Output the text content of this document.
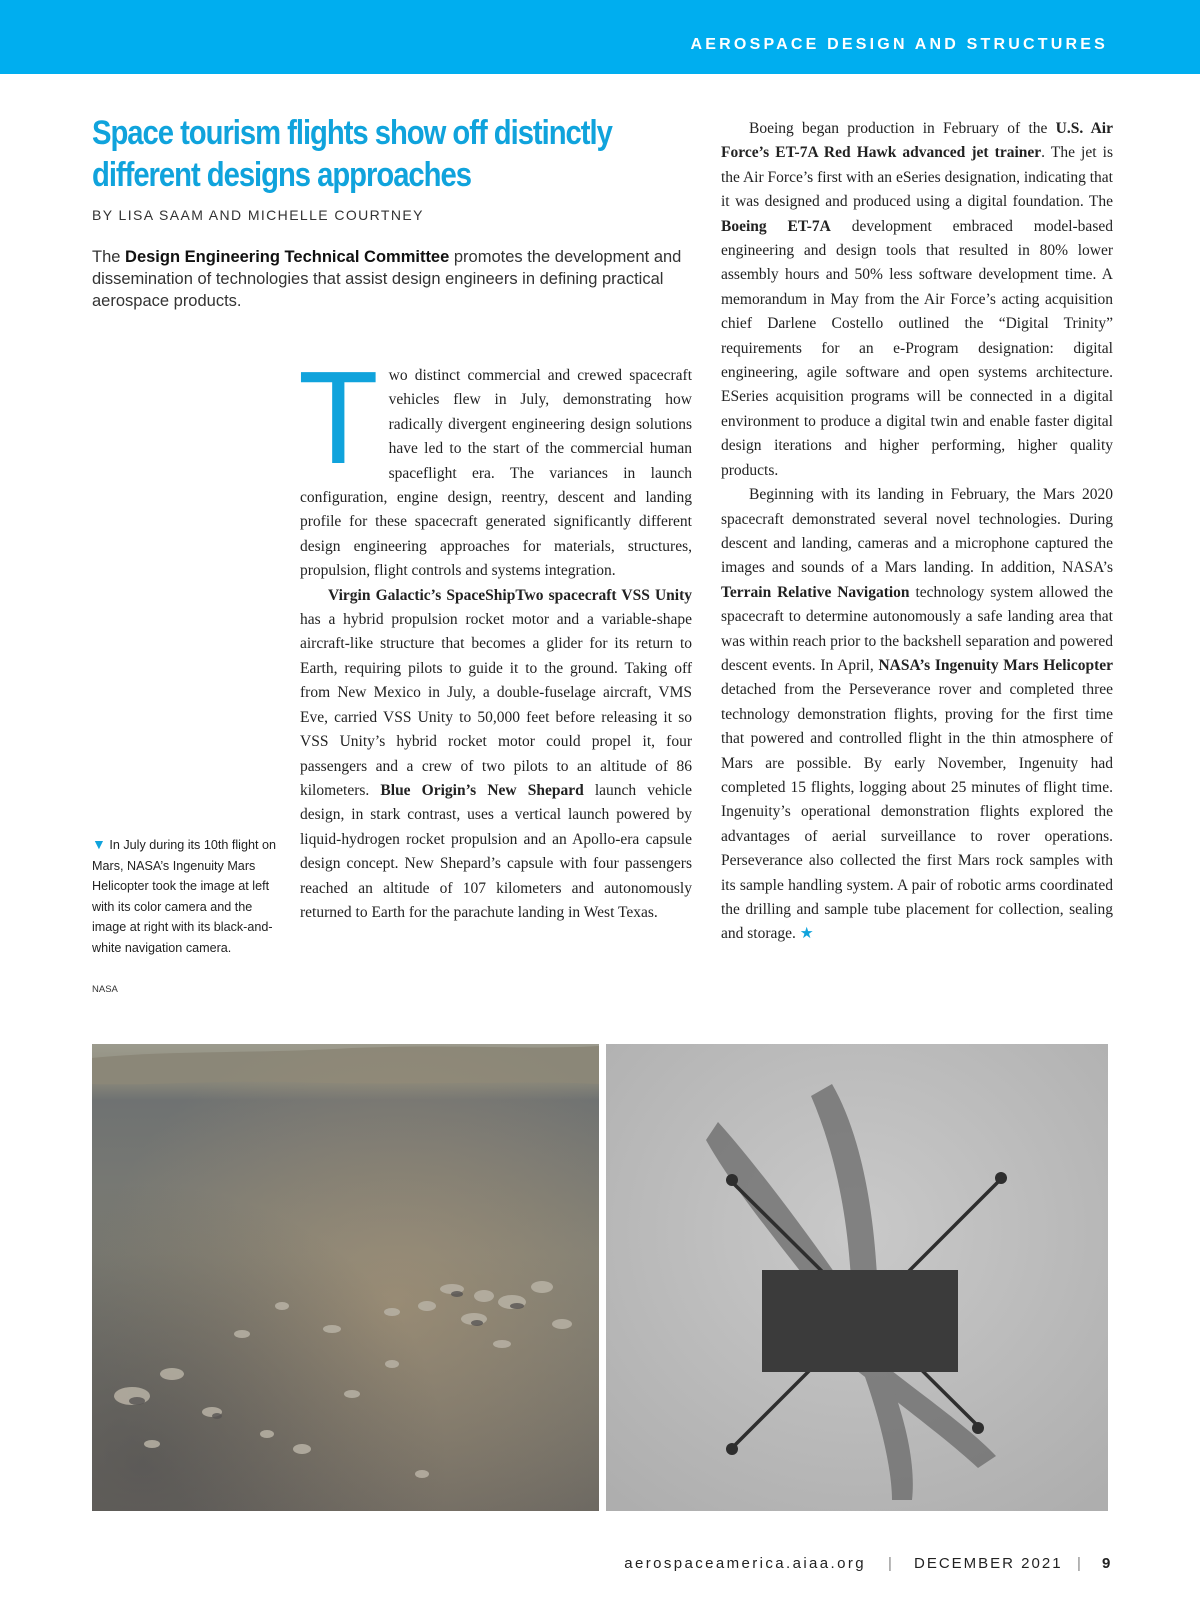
AEROSPACE DESIGN AND STRUCTURES
Space tourism flights show off distinctly different designs approaches
BY LISA SAAM AND MICHELLE COURTNEY
The Design Engineering Technical Committee promotes the development and dissemination of technologies that assist design engineers in defining practical aerospace products.

Two distinct commercial and crewed spacecraft vehicles flew in July, demonstrating how radically divergent engineering design solutions have led to the start of the commercial human spaceflight era. The variances in launch configuration, engine design, reentry, descent and landing profile for these spacecraft generated significantly different design engineering approaches for materials, structures, propulsion, flight controls and systems integration.

Virgin Galactic’s SpaceShipTwo spacecraft VSS Unity has a hybrid propulsion rocket motor and a variable-shape aircraft-like structure that becomes a glider for its return to Earth, requiring pilots to guide it to the ground. Taking off from New Mexico in July, a double-fuselage aircraft, VMS Eve, carried VSS Unity to 50,000 feet before releasing it so VSS Unity’s hybrid rocket motor could propel it, four passengers and a crew of two pilots to an altitude of 86 kilometers. Blue Origin’s New Shepard launch vehicle design, in stark contrast, uses a vertical launch powered by liquid-hydrogen rocket propulsion and an Apollo-era capsule design concept. New Shepard’s capsule with four passengers reached an altitude of 107 kilometers and autonomously returned to Earth for the parachute landing in West Texas.

Boeing began production in February of the U.S. Air Force’s ET-7A Red Hawk advanced jet trainer. The jet is the Air Force’s first with an eSeries designation, indicating that it was designed and produced using a digital foundation. The Boeing ET-7A development embraced model-based engineering and design tools that resulted in 80% lower assembly hours and 50% less software development time. A memorandum in May from the Air Force’s acting acquisition chief Darlene Costello outlined the “Digital Trinity” requirements for an e-Program designation: digital engineering, agile software and open systems architecture. ESeries acquisition programs will be connected in a digital environment to produce a digital twin and enable faster digital design iterations and higher performing, higher quality products.

Beginning with its landing in February, the Mars 2020 spacecraft demonstrated several novel technologies. During descent and landing, cameras and a microphone captured the images and sounds of a Mars landing. In addition, NASA’s Terrain Relative Navigation technology system allowed the spacecraft to determine autonomously a safe landing area that was within reach prior to the backshell separation and powered descent events. In April, NASA’s Ingenuity Mars Helicopter detached from the Perseverance rover and completed three technology demonstration flights, proving for the first time that powered and controlled flight in the thin atmosphere of Mars are possible. By early November, Ingenuity had completed 15 flights, logging about 25 minutes of flight time. Ingenuity’s operational demonstration flights explored the advantages of aerial surveillance to rover operations. Perseverance also collected the first Mars rock samples with its sample handling system. A pair of robotic arms coordinated the drilling and sample tube placement for collection, sealing and storage. ★

▼ In July during its 10th flight on Mars, NASA’s Ingenuity Mars Helicopter took the image at left with its color camera and the image at right with its black-and-white navigation camera.
NASA
aerospaceamerica.aiaa.org | DECEMBER 2021 | 9
